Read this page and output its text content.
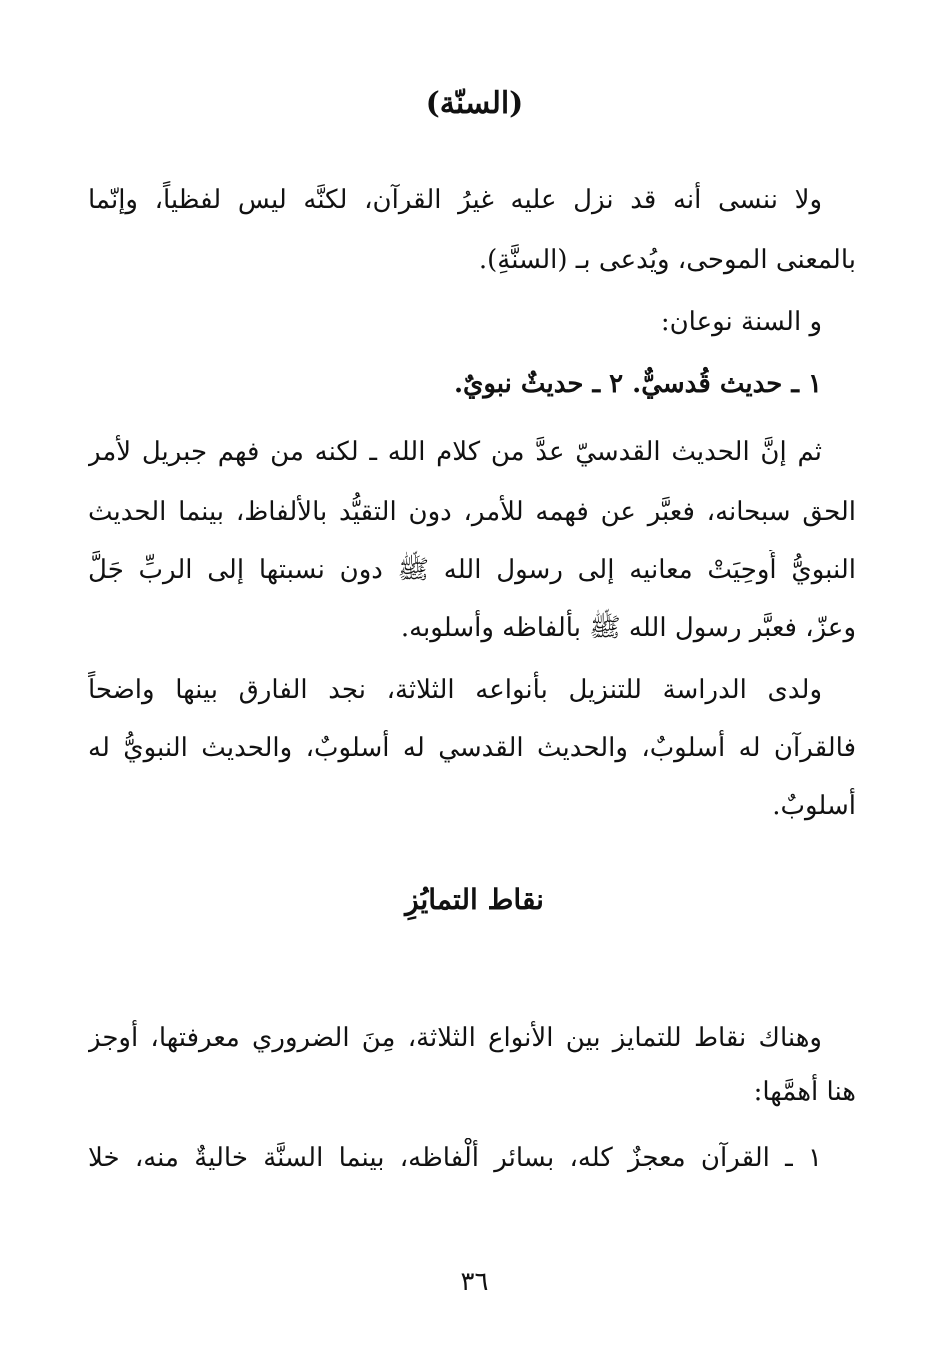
(السنّة)
ولا ننسى أنه قد نزل عليه غيرُ القرآن، لكنَّه ليس لفظياً، وإنّما
بالمعنى الموحى، ويُدعى بـ (السنَّةِ).
و السنة نوعان:
١ ـ حديث قُدسيٌّ. ٢ ـ حديثٌ نبويٌ.
ثم إنَّ الحديث القدسيّ عدَّ من كلام الله ـ لكنه من فهم جبريل لأمر
الحق سبحانه، فعبَّر عن فهمه للأمر، دون التقيُّد بالألفاظ، بينما الحديث
النبويُّ أُوحِيَتْ معانيه إلى رسول الله ﷺ دون نسبتها إلى الربِّ جَلَّ
وعزّ، فعبَّر رسول الله ﷺ بألفاظه وأسلوبه.
ولدى الدراسة للتنزيل بأنواعه الثلاثة، نجد الفارق بينها واضحاً
فالقرآن له أسلوبٌ، والحديث القدسي له أسلوبٌ، والحديث النبويُّ له
أسلوبٌ.
نقاط التمايُزِ
وهناك نقاط للتمايز بين الأنواع الثلاثة، مِنَ الضروري معرفتها، أوجز
هنا أهمَّها:
١ ـ القرآن معجزٌ كله، بسائر ألْفاظه، بينما السنَّة خاليةٌ منه، خلا
٣٦
